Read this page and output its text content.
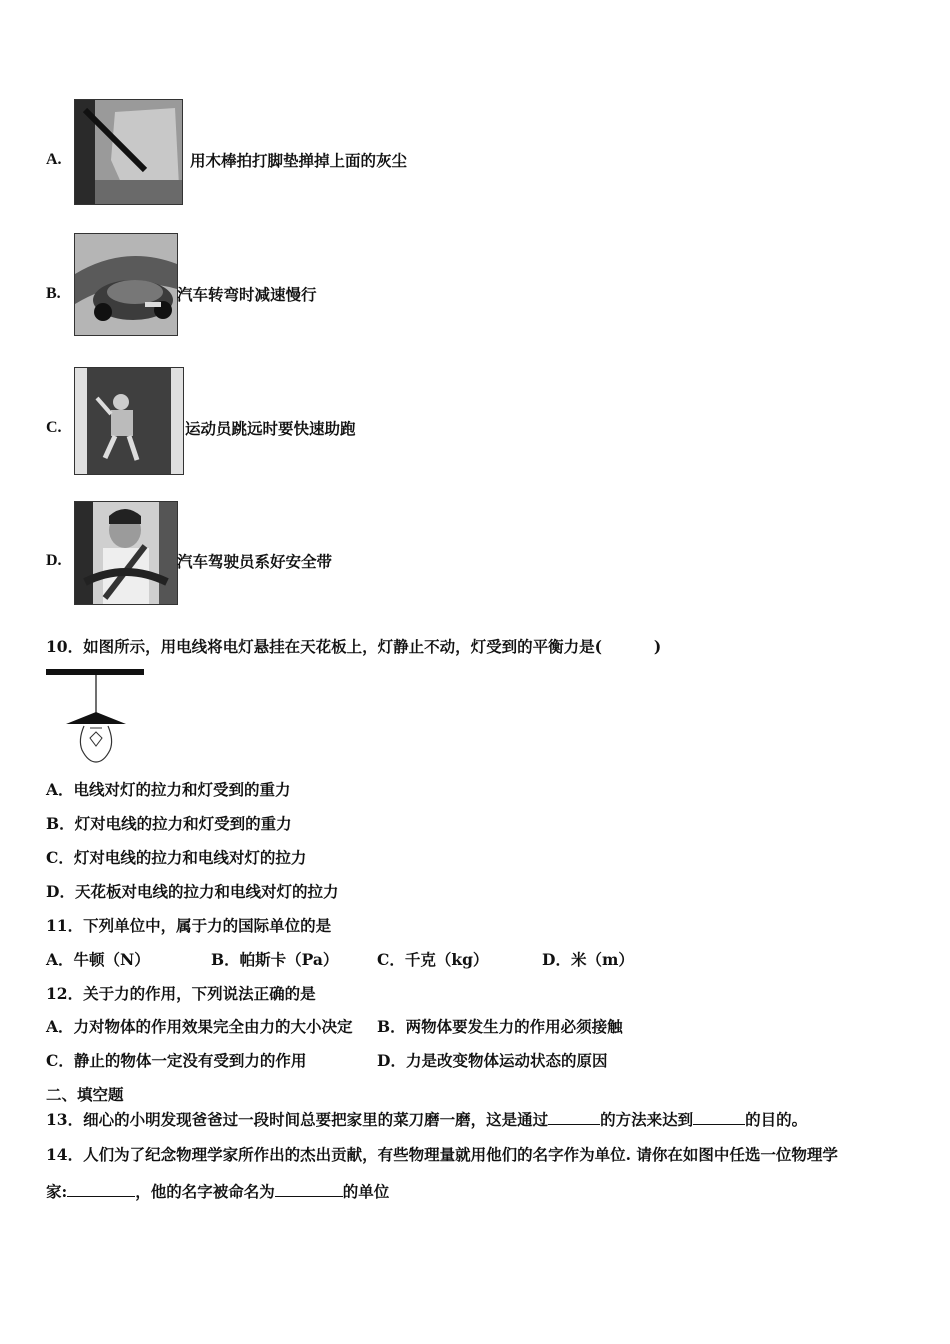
A.	用木棒拍打脚垫掸掉上面的灰尘
B.	汽车转弯时减速慢行
C.	运动员跳远时要快速助跑
D.	汽车驾驶员系好安全带
10．如图所示，用电线将电灯悬挂在天花板上，灯静止不动，灯受到的平衡力是(	)
A．电线对灯的拉力和灯受到的重力
B．灯对电线的拉力和灯受到的重力
C．灯对电线的拉力和电线对灯的拉力
D．天花板对电线的拉力和电线对灯的拉力
11．下列单位中，属于力的国际单位的是
A．牛顿（N）	B．帕斯卡（Pa） C．千克（kg）	D．米（m）
12．关于力的作用，下列说法正确的是
A．力对物体的作用效果完全由力的大小决定 B．两物体要发生力的作用必须接触
C．静止的物体一定没有受到力的作用	D．力是改变物体运动状态的原因
二、填空题
13．细心的小明发现爸爸过一段时间总要把家里的菜刀磨一磨，这是通过	的方法来达到	的目的。
14．人们为了纪念物理学家所作出的杰出贡献，有些物理量就用他们的名字作为单位. 请你在如图中任选一位物理学
家:	，他的名字被命名为	的单位
